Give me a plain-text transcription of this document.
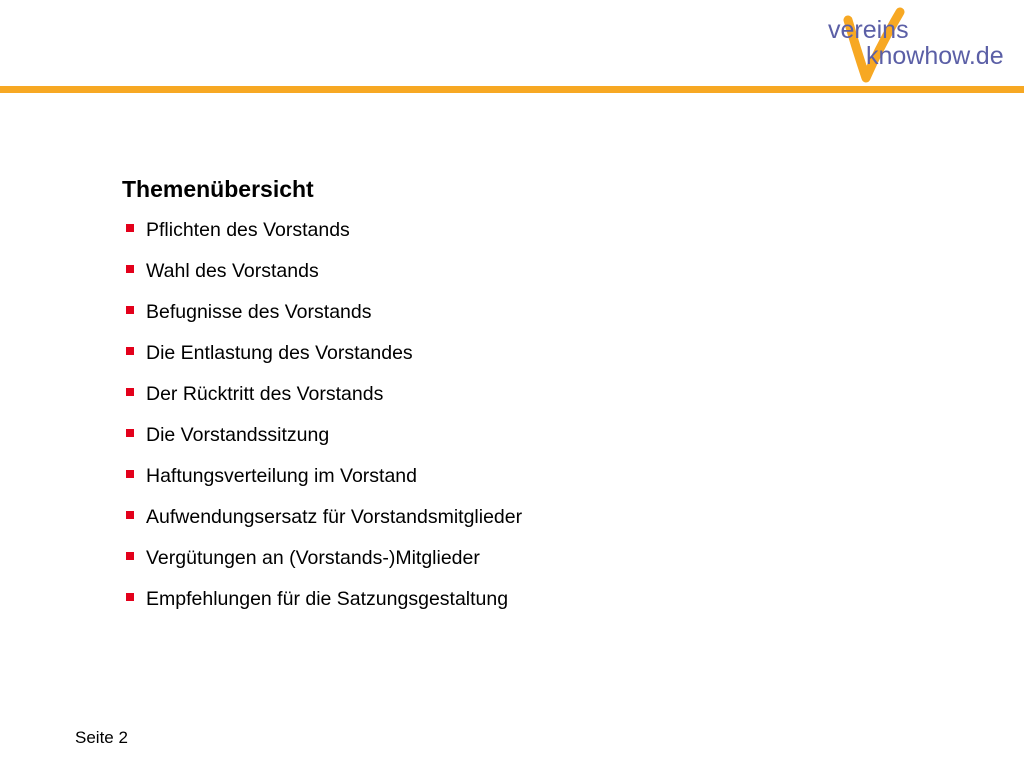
vereins
knowhow.de
Themenübersicht
Pflichten des Vorstands
Wahl des Vorstands
Befugnisse des Vorstands
Die Entlastung des Vorstandes
Der Rücktritt des Vorstands
Die Vorstandssitzung
Haftungsverteilung im Vorstand
Aufwendungsersatz für Vorstandsmitglieder
Vergütungen an (Vorstands-)Mitglieder
Empfehlungen für die Satzungsgestaltung
Seite 2
